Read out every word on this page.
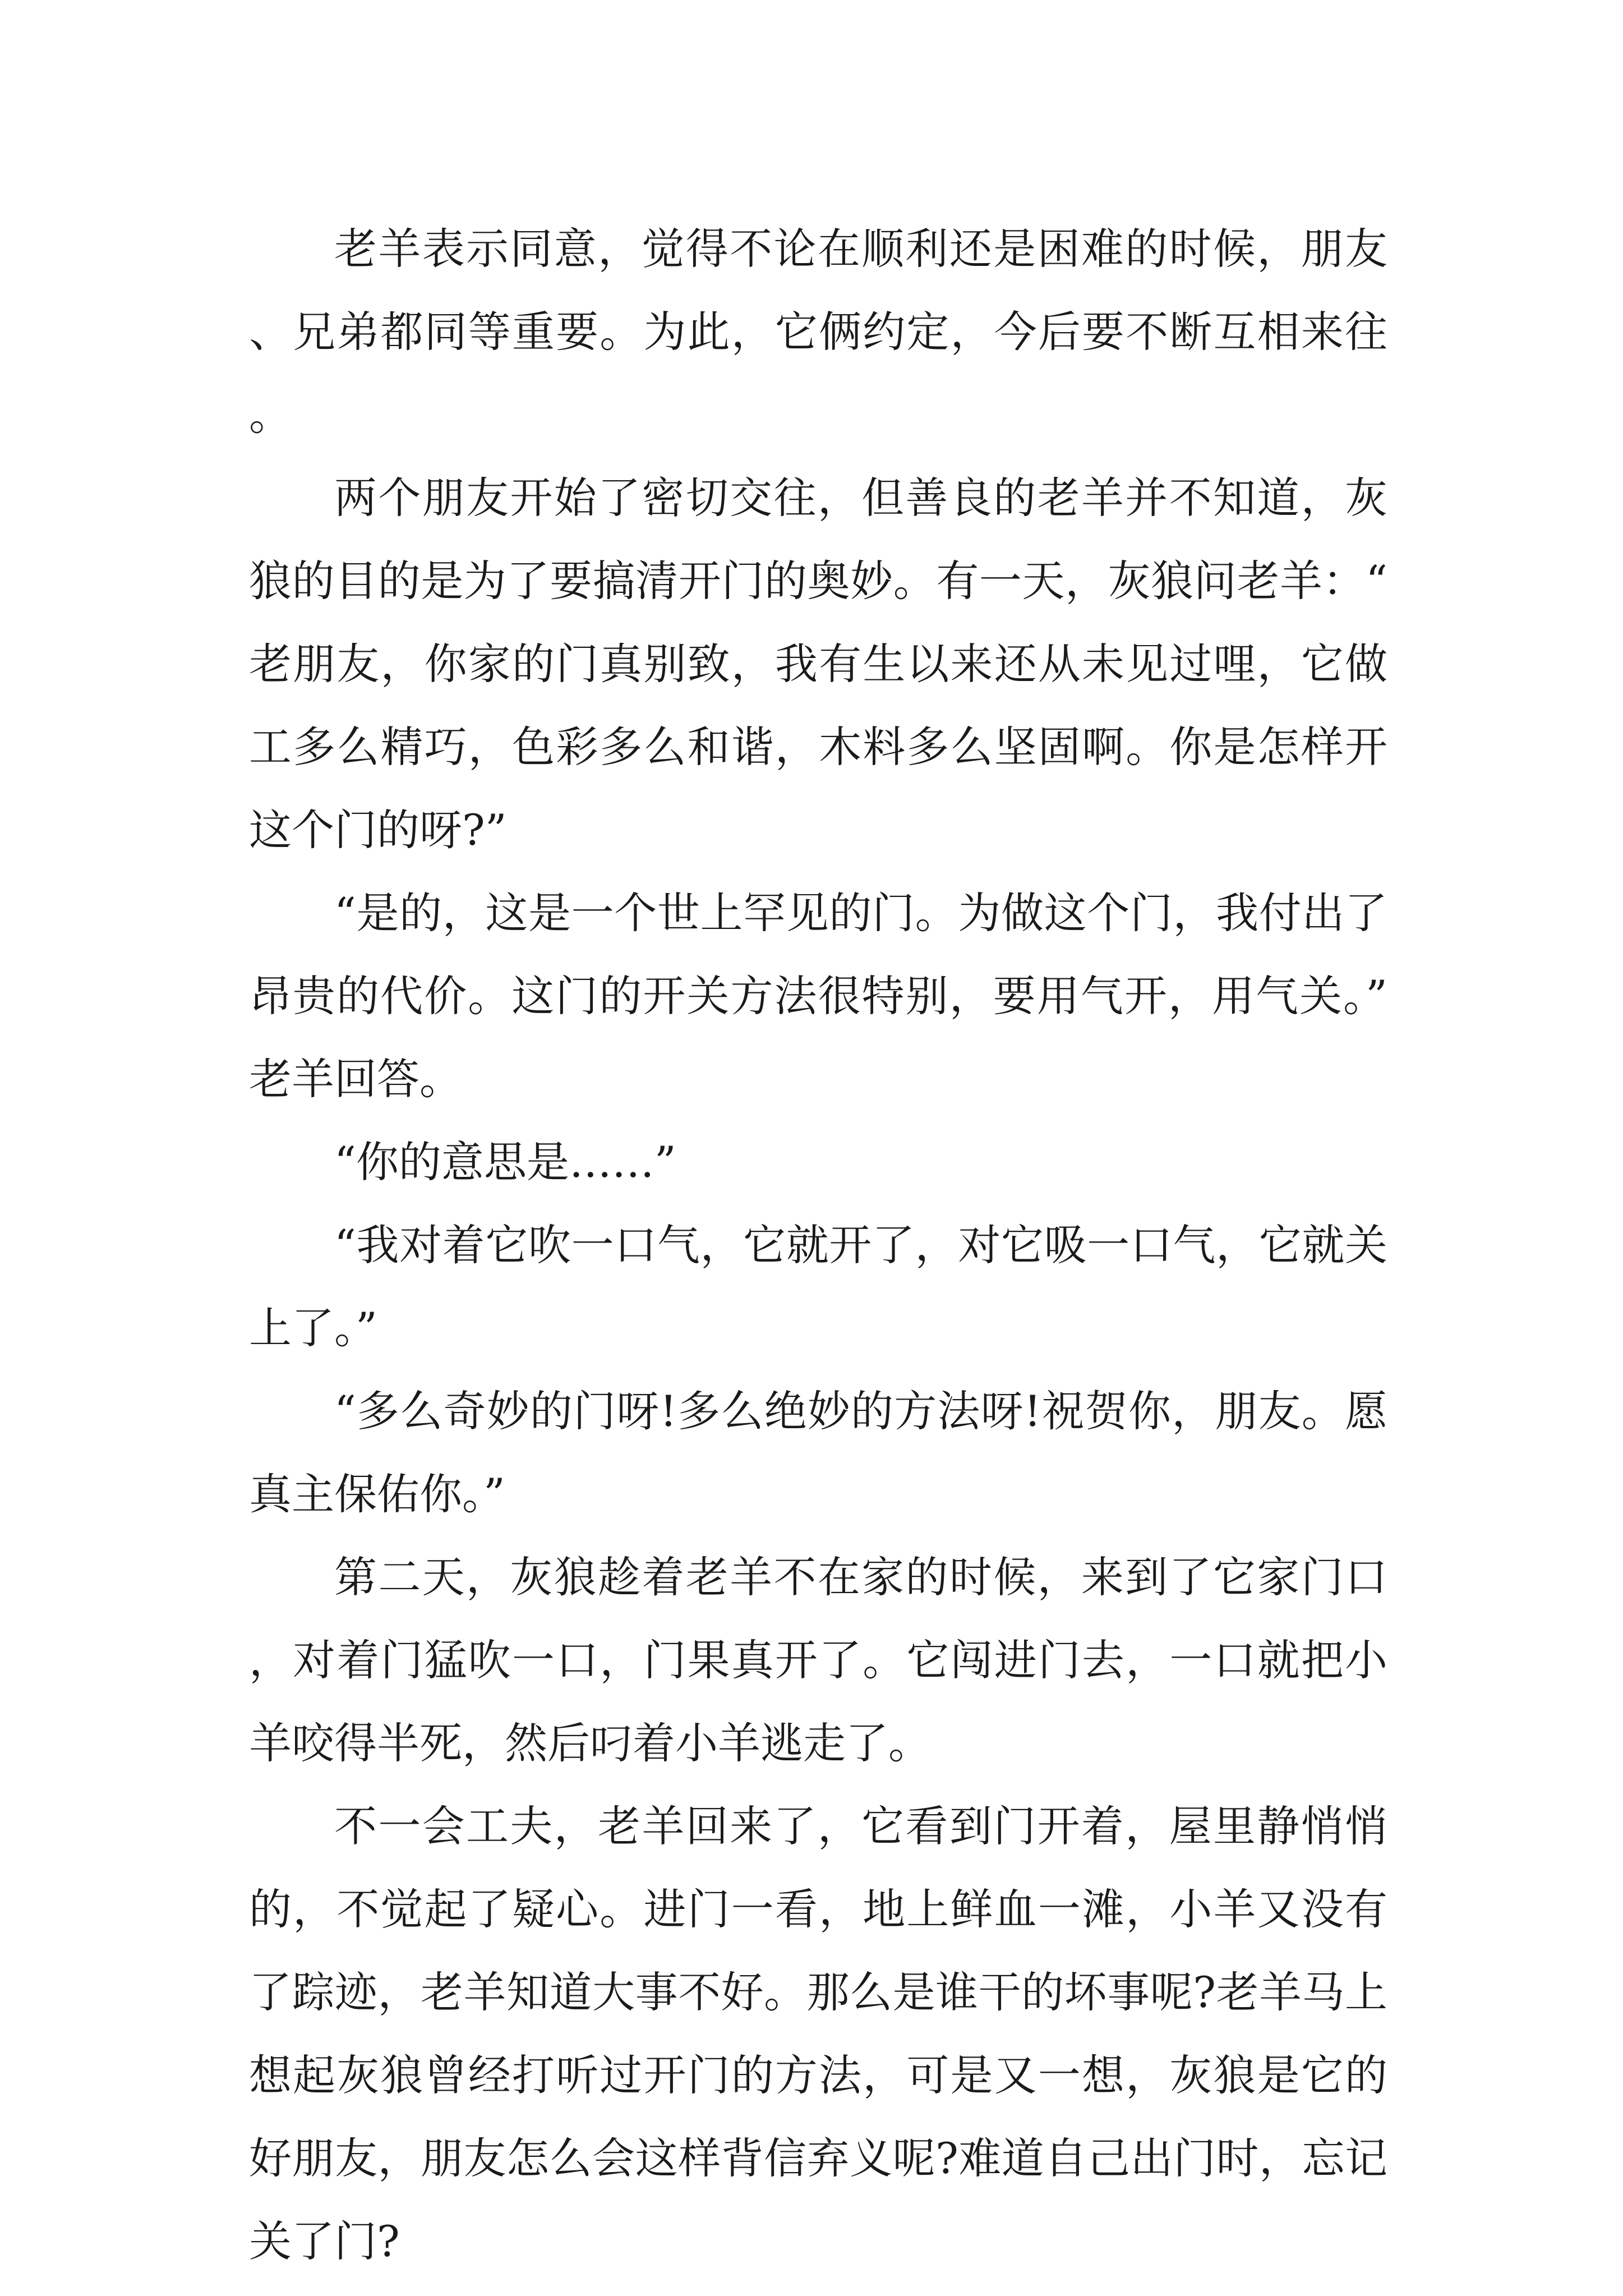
老羊表示同意，觉得不论在顺利还是困难的时候，朋友、兄弟都同等重要。为此，它俩约定，今后要不断互相来往。

两个朋友开始了密切交往，但善良的老羊并不知道，灰狼的目的是为了要搞清开门的奥妙。有一天，灰狼问老羊：“老朋友，你家的门真别致，我有生以来还从未见过哩，它做工多么精巧，色彩多么和谐，木料多么坚固啊。你是怎样开这个门的呀?”

“是的，这是一个世上罕见的门。为做这个门，我付出了昂贵的代价。这门的开关方法很特别，要用气开，用气关。”老羊回答。

“你的意思是……”

“我对着它吹一口气，它就开了，对它吸一口气，它就关上了。”

“多么奇妙的门呀!多么绝妙的方法呀!祝贺你，朋友。愿真主保佑你。”

第二天，灰狼趁着老羊不在家的时候，来到了它家门口，对着门猛吹一口，门果真开了。它闯进门去，一口就把小羊咬得半死，然后叼着小羊逃走了。

不一会工夫，老羊回来了，它看到门开着，屋里静悄悄的，不觉起了疑心。进门一看，地上鲜血一滩，小羊又没有了踪迹，老羊知道大事不好。那么是谁干的坏事呢?老羊马上想起灰狼曾经打听过开门的方法，可是又一想，灰狼是它的好朋友，朋友怎么会这样背信弃义呢?难道自己出门时，忘记关了门?
